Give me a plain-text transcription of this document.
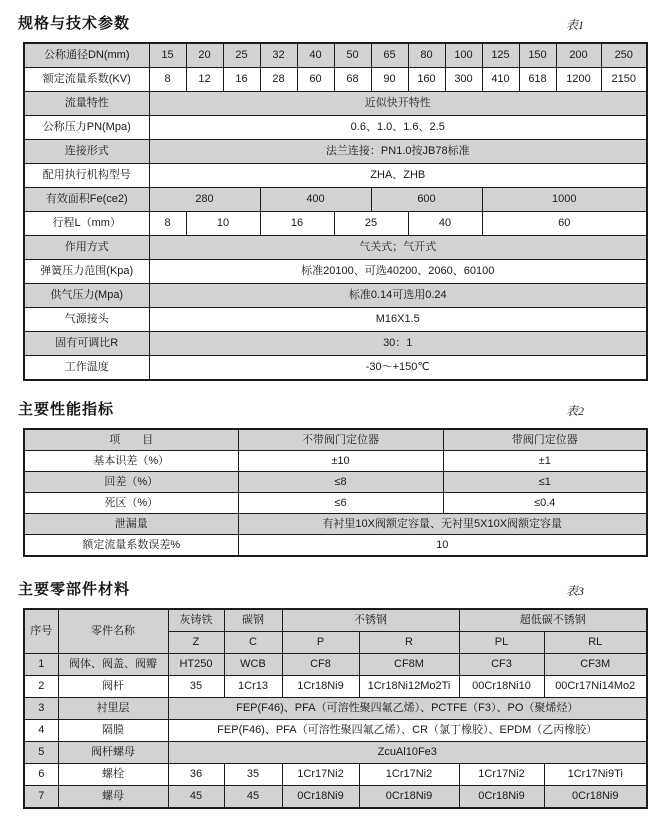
规格与技术参数	表1
公称通径DN(mm)	15	20	25	32	40	50	65	80	100	125	150	200	250
额定流量系数(KV)	8	12	16	28	60	68	90	160	300	410	618	1200	2150
流量特性	近似快开特性												
公称压力PN(Mpa)	0.6、1.0、1.6、2.5												
连接形式	法兰连接：PN1.0按JB78标准												
配用执行机构型号	ZHA、ZHB												
有效面积Fe(ce2)	280			400			600			1000			
行程L（mm）	8	10		16		25		40		60			
作用方式	气关式；气开式												
弹簧压力范围(Kpa)	标准20100、可选40200、2060、60100												
供气压力(Mpa)	标准0.14可选用0.24												
气源接头	M16X1.5												
固有可调比R	30：1												
工作温度	-30～+150℃												
主要性能指标	表2
项　　目	不带阀门定位器	带阀门定位器
基本识差（%）	±10	±1
回差（%）	≤8	≤1
死区（%）	≤6	≤0.4
泄漏量	有衬里10X阀额定容量、无衬里5X10X阀额定容量	
额定流量系数误差%	10	
主要零部件材料	表3
序号	零件名称	灰铸铁	碳钢	不锈钢		超低碳不锈钢	
		Z	C	P	R	PL	RL
1	阀体、阀盖、阀瓣	HT250	WCB	CF8	CF8M	CF3	CF3M
2	阀杆	35	1Cr13	1Cr18Ni9	1Cr18Ni12Mo2Ti	00Cr18Ni10	00Cr17Ni14Mo2
3	衬里层	FEP(F46)、PFA（可溶性聚四氟乙烯）、PCTFE（F3）、PO（聚烯烃）					
4	隔膜	FEP(F46)、PFA（可溶性聚四氟乙烯）、CR（氯丁橡胶）、EPDM（乙丙橡胶）					
5	阀杆螺母	ZcuAl10Fe3					
6	螺栓	36	35	1Cr17Ni2	1Cr17Ni2	1Cr17Ni2	1Cr17Ni9Ti
7	螺母	45	45	0Cr18Ni9	0Cr18Ni9	0Cr18Ni9	0Cr18Ni9
